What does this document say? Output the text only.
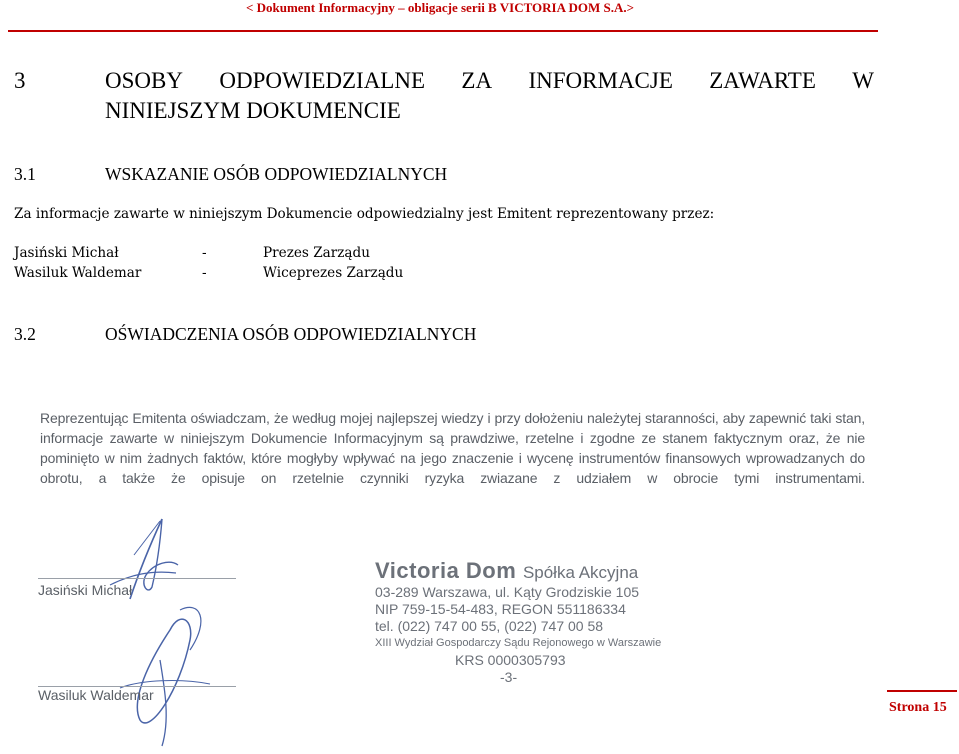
< Dokument Informacyjny – obligacje serii B VICTORIA DOM S.A.>
3	OSOBY ODPOWIEDZIALNE ZA INFORMACJE ZAWARTE W
NINIEJSZYM DOKUMENCIE
3.1	WSKAZANIE OSÓB ODPOWIEDZIALNYCH
Za informacje zawarte w niniejszym Dokumencie odpowiedzialny jest Emitent reprezentowany przez:
Jasiński Michał	-	Prezes Zarządu
Wasiluk Waldemar	-	Wiceprezes Zarządu
3.2	OŚWIADCZENIA OSÓB ODPOWIEDZIALNYCH
Reprezentując Emitenta oświadczam, że według mojej najlepszej wiedzy i przy dołożeniu należytej staranności, aby zapewnić taki stan, informacje zawarte w niniejszym Dokumencie Informacyjnym są prawdziwe, rzetelne i zgodne ze stanem faktycznym oraz, że nie pominięto w nim żadnych faktów, które mogłyby wpływać na jego znaczenie i wycenę instrumentów finansowych wprowadzanych do obrotu, a także że opisuje on rzetelnie czynniki ryzyka zwiazane z udziałem w obrocie tymi instrumentami.
Jasiński Michał
Wasiluk Waldemar
Victoria Dom Spółka Akcyjna
03-289 Warszawa, ul. Kąty Grodziskie 105
NIP 759-15-54-483, REGON 551186334
tel. (022) 747 00 55, (022) 747 00 58
XIII Wydział Gospodarczy Sądu Rejonowego w Warszawie
KRS 0000305793
-3-
Strona 15
